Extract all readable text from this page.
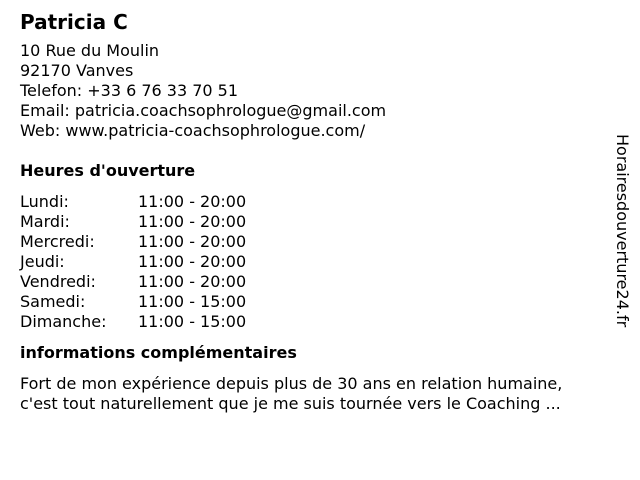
Patricia C
10 Rue du Moulin
92170 Vanves
Telefon: +33 6 76 33 70 51
Email: patricia.coachsophrologue@gmail.com
Web: www.patricia-coachsophrologue.com/
Heures d'ouverture
Lundi:	11:00 - 20:00
Mardi:	11:00 - 20:00
Mercredi:	11:00 - 20:00
Jeudi:	11:00 - 20:00
Vendredi:	11:00 - 20:00
Samedi:	11:00 - 15:00
Dimanche:	11:00 - 15:00
informations complémentaires
Fort de mon expérience depuis plus de 30 ans en relation humaine,
c'est tout naturellement que je me suis tournée vers le Coaching ...
Horairesdouverture24.fr
